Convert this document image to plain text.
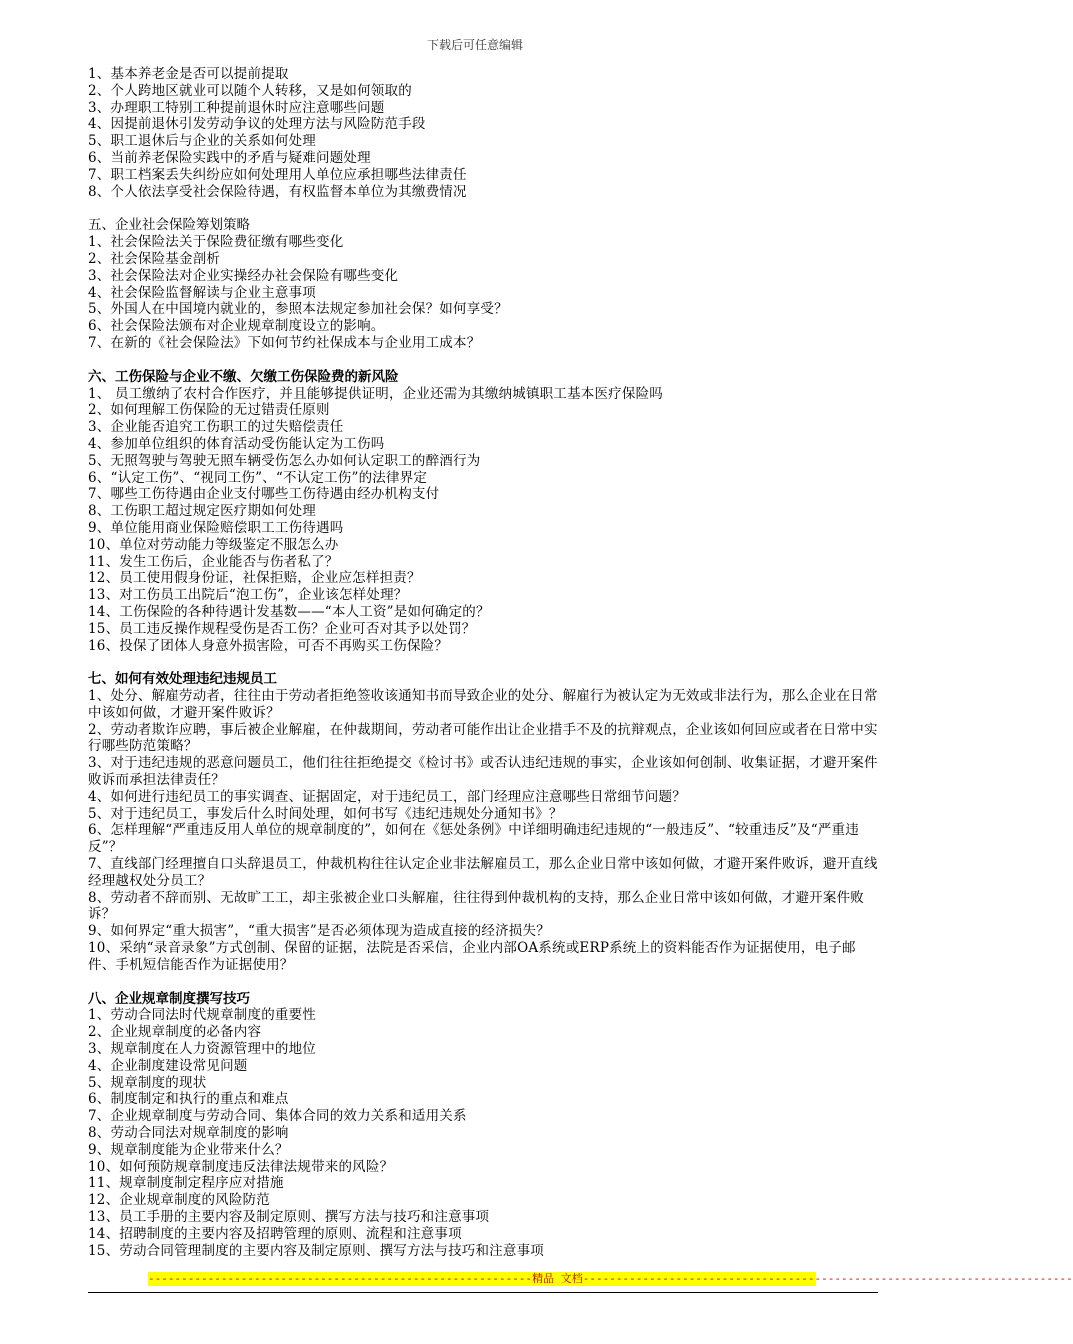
下载后可任意编辑
1、基本养老金是否可以提前提取
2、个人跨地区就业可以随个人转移，又是如何领取的
3、办理职工特别工种提前退休时应注意哪些问题
4、因提前退休引发劳动争议的处理方法与风险防范手段
5、职工退休后与企业的关系如何处理
6、当前养老保险实践中的矛盾与疑难问题处理
7、职工档案丢失纠纷应如何处理用人单位应承担哪些法律责任
8、个人依法享受社会保险待遇，有权监督本单位为其缴费情况
五、企业社会保险筹划策略
1、社会保险法关于保险费征缴有哪些变化
2、社会保险基金剖析
3、社会保险法对企业实操经办社会保险有哪些变化
4、社会保险监督解读与企业主意事项
5、外国人在中国境内就业的，参照本法规定参加社会保？如何享受？
6、社会保险法颁布对企业规章制度设立的影响。
7、在新的《社会保险法》下如何节约社保成本与企业用工成本？
六、工伤保险与企业不缴、欠缴工伤保险费的新风险
1、 员工缴纳了农村合作医疗，并且能够提供证明，企业还需为其缴纳城镇职工基本医疗保险吗
2、如何理解工伤保险的无过错责任原则
3、企业能否追究工伤职工的过失赔偿责任
4、参加单位组织的体育活动受伤能认定为工伤吗
5、无照驾驶与驾驶无照车辆受伤怎么办如何认定职工的醉酒行为
6、“认定工伤”、“视同工伤”、“不认定工伤”的法律界定
7、哪些工伤待遇由企业支付哪些工伤待遇由经办机构支付
8、工伤职工超过规定医疗期如何处理
9、单位能用商业保险赔偿职工工伤待遇吗
10、单位对劳动能力等级鉴定不服怎么办
11、发生工伤后，企业能否与伤者私了？
12、员工使用假身份证，社保拒赔，企业应怎样担责？
13、对工伤员工出院后“泡工伤”，企业该怎样处理？
14、工伤保险的各种待遇计发基数——“本人工资”是如何确定的？
15、员工违反操作规程受伤是否工伤？企业可否对其予以处罚？
16、投保了团体人身意外损害险，可否不再购买工伤保险？
七、如何有效处理违纪违规员工
1、处分、解雇劳动者，往往由于劳动者拒绝签收该通知书而导致企业的处分、解雇行为被认定为无效或非法行为，那么企业在日常中该如何做，才避开案件败诉？
2、劳动者欺诈应聘，事后被企业解雇，在仲裁期间，劳动者可能作出让企业措手不及的抗辩观点，企业该如何回应或者在日常中实行哪些防范策略？
3、对于违纪违规的恶意问题员工，他们往往拒绝提交《检讨书》或否认违纪违规的事实，企业该如何创制、收集证据，才避开案件败诉而承担法律责任？
4、如何进行违纪员工的事实调查、证据固定，对于违纪员工，部门经理应注意哪些日常细节问题？
5、对于违纪员工，事发后什么时间处理，如何书写《违纪违规处分通知书》？
6、怎样理解“严重违反用人单位的规章制度的”，如何在《惩处条例》中详细明确违纪违规的“一般违反”、“较重违反”及“严重违反”？
7、直线部门经理擅自口头辞退员工，仲裁机构往往认定企业非法解雇员工，那么企业日常中该如何做，才避开案件败诉，避开直线经理越权处分员工？
8、劳动者不辞而别、无故旷工工，却主张被企业口头解雇，往往得到仲裁机构的支持，那么企业日常中该如何做，才避开案件败诉？
9、如何界定“重大损害”，“重大损害”是否必须体现为造成直接的经济损失？
10、采纳“录音录象”方式创制、保留的证据，法院是否采信，企业内部OA系统或ERP系统上的资料能否作为证据使用，电子邮件、手机短信能否作为证据使用？
八、企业规章制度撰写技巧
1、劳动合同法时代规章制度的重要性
2、企业规章制度的必备内容
3、规章制度在人力资源管理中的地位
4、企业制度建设常见问题
5、规章制度的现状
6、制度制定和执行的重点和难点
7、企业规章制度与劳动合同、集体合同的效力关系和适用关系
8、劳动合同法对规章制度的影响
9、规章制度能为企业带来什么？
10、如何预防规章制度违反法律法规带来的风险？
11、规章制度制定程序应对措施
12、企业规章制度的风险防范
13、员工手册的主要内容及制定原则、撰写方法与技巧和注意事项
14、招聘制度的主要内容及招聘管理的原则、流程和注意事项
15、劳动合同管理制度的主要内容及制定原则、撰写方法与技巧和注意事项
----------------------------------------------------------精品 文档--------------------------------------------------------------------------
